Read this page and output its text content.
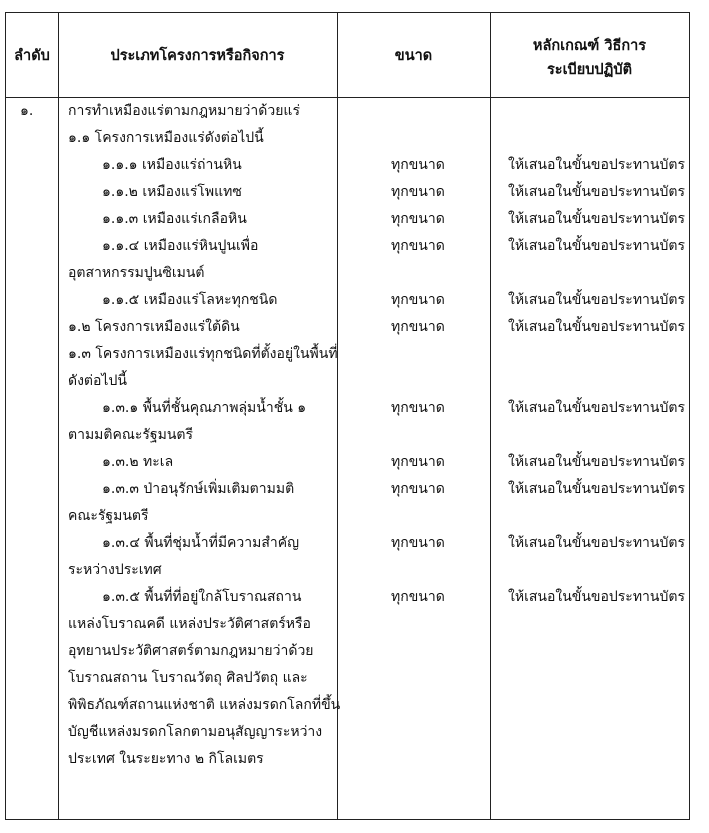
ลำดับ	ประเภทโครงการหรือกิจการ	ขนาด
หลักเกณฑ์ วิธีการ
ระเบียบปฏิบัติ
๑. การทำเหมืองแร่ตามกฎหมายว่าด้วยแร่
๑.๑ โครงการเหมืองแร่ดังต่อไปนี้
๑.๑.๑ เหมืองแร่ถ่านหิน
๑.๑.๒ เหมืองแร่โพแทซ
๑.๑.๓ เหมืองแร่เกลือหิน
๑.๑.๔ เหมืองแร่หินปูนเพื่อ
อุตสาหกรรมปูนซิเมนต์
๑.๑.๕ เหมืองแร่โลหะทุกชนิด
๑.๒ โครงการเหมืองแร่ใต้ดิน
๑.๓ โครงการเหมืองแร่ทุกชนิดที่ตั้งอยู่ในพื้นที่
ดังต่อไปนี้
๑.๓.๑ พื้นที่ชั้นคุณภาพลุ่มน้ำชั้น ๑
ตามมติคณะรัฐมนตรี
๑.๓.๒ ทะเล
๑.๓.๓ ป่าอนุรักษ์เพิ่มเติมตามมติ
คณะรัฐมนตรี
๑.๓.๔ พื้นที่ชุ่มน้ำที่มีความสำคัญ
ระหว่างประเทศ
๑.๓.๕ พื้นที่ที่อยู่ใกล้โบราณสถาน
แหล่งโบราณคดี แหล่งประวัติศาสตร์หรือ
อุทยานประวัติศาสตร์ตามกฎหมายว่าด้วย
โบราณสถาน โบราณวัตถุ ศิลปวัตถุ และ
พิพิธภัณฑ์สถานแห่งชาติ แหล่งมรดกโลกที่ขึ้น
บัญชีแหล่งมรดกโลกตามอนุสัญญาระหว่าง
ประเทศ ในระยะทาง ๒ กิโลเมตร
ทุกขนาด
ทุกขนาด
ทุกขนาด
ทุกขนาด
ทุกขนาด
ทุกขนาด
ทุกขนาด
ทุกขนาด
ทุกขนาด
ทุกขนาด
ทุกขนาด
ให้เสนอในขั้นขอประทานบัตร
ให้เสนอในขั้นขอประทานบัตร
ให้เสนอในขั้นขอประทานบัตร
ให้เสนอในขั้นขอประทานบัตร
ให้เสนอในขั้นขอประทานบัตร
ให้เสนอในขั้นขอประทานบัตร
ให้เสนอในขั้นขอประทานบัตร
ให้เสนอในขั้นขอประทานบัตร
ให้เสนอในขั้นขอประทานบัตร
ให้เสนอในขั้นขอประทานบัตร
ให้เสนอในขั้นขอประทานบัตร
